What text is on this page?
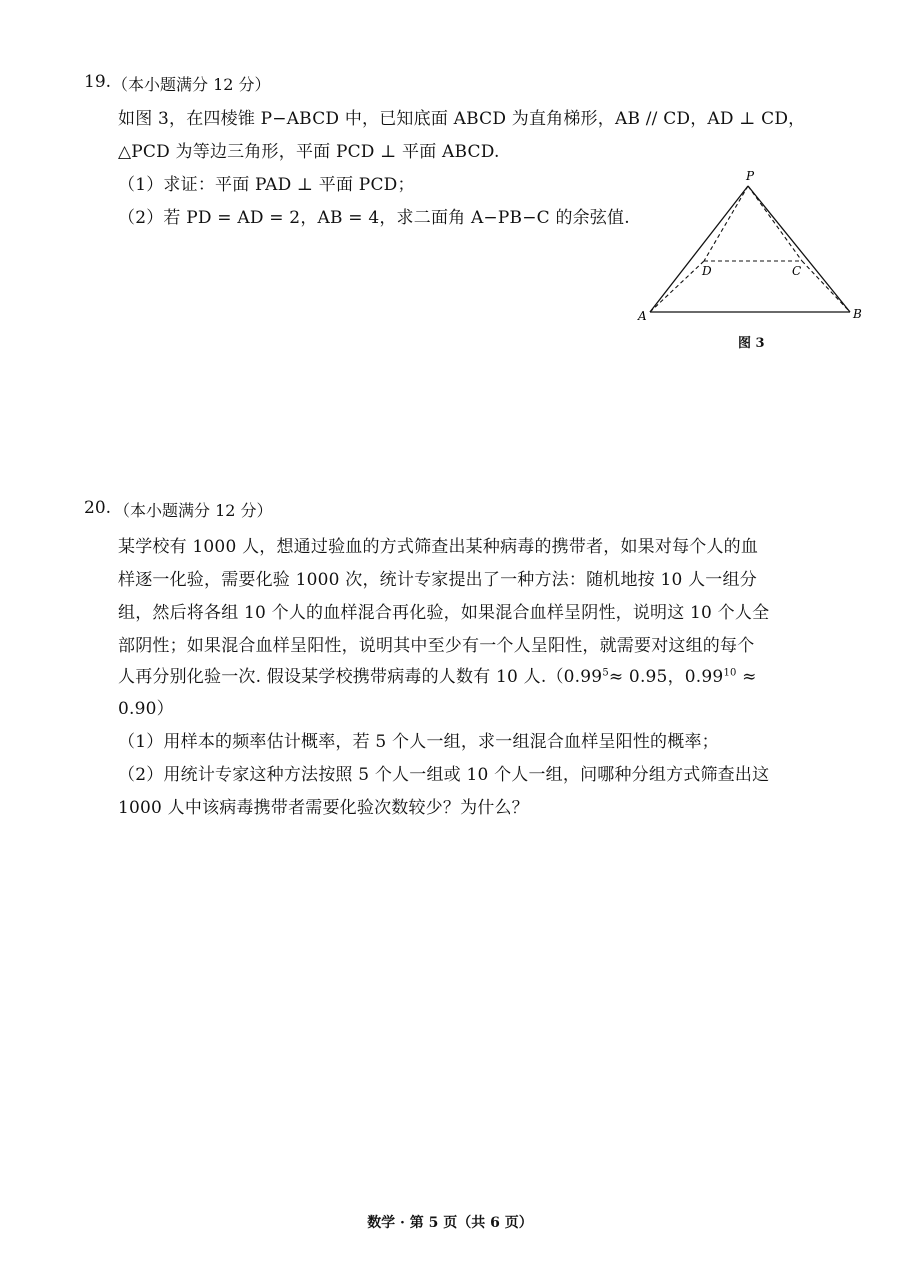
19. （本小题满分 12 分）
如图 3，在四棱锥 P−ABCD 中，已知底面 ABCD 为直角梯形，AB // CD，AD ⊥ CD，
△PCD 为等边三角形，平面 PCD ⊥ 平面 ABCD.
（1）求证：平面 PAD ⊥ 平面 PCD；
（2）若 PD = AD = 2，AB = 4，求二面角 A−PB−C 的余弦值.
P
A	B
C
D
图 3
20. （本小题满分 12 分）
某学校有 1000 人，想通过验血的方式筛查出某种病毒的携带者，如果对每个人的血
样逐一化验，需要化验 1000 次，统计专家提出了一种方法：随机地按 10 人一组分
组，然后将各组 10 个人的血样混合再化验，如果混合血样呈阴性，说明这 10 个人全
部阴性；如果混合血样呈阳性，说明其中至少有一个人呈阳性，就需要对这组的每个
人再分别化验一次. 假设某学校携带病毒的人数有 10 人$.(0.99^5\approx 0.95$，$0.99^{10}$ ≈
0.90）
（1）用样本的频率估计概率，若 5 个人一组，求一组混合血样呈阳性的概率；
（2）用统计专家这种方法按照 5 个人一组或 10 个人一组，问哪种分组方式筛查出这
1000 人中该病毒携带者需要化验次数较少？为什么？
数学 · 第 5 页（共 6 页）
